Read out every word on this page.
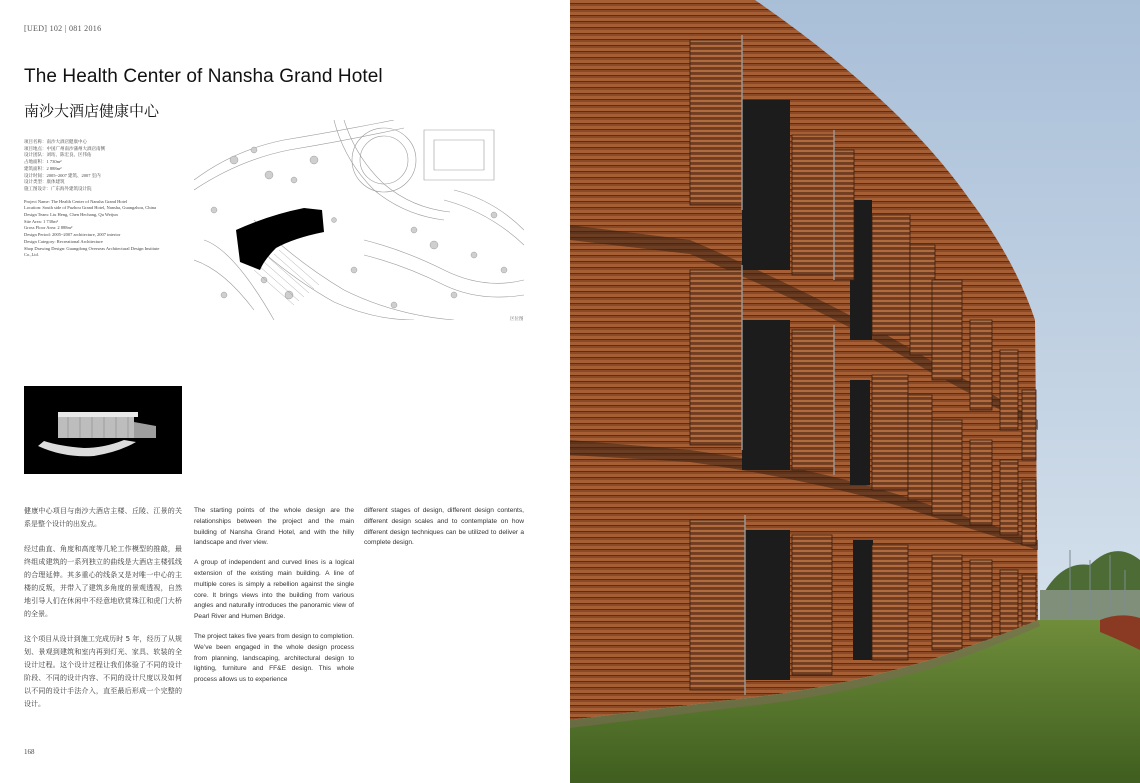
[UED] 102 | 081 2016
The Health Center of Nansha Grand Hotel
南沙大酒店健康中心
项目名称：南沙大酒店健康中心
项目地点：中国广州南沙蒲州大酒店南侧
设计团队：刘珩、陈宏良、区伟佑
占地面积：1 730m²
建筑面积：2 888m²
设计时间：2005~2007 建筑、2007 室内
设计类型：康体建筑
施工图设计：广东海外建筑设计院
Project Name: The Health Center of Nansha Grand Hotel
Location: South side of Puzhou Grand Hotel, Nansha, Guangzhou, China
Design Team: Liu Heng, Chen Hechang, Qu Weijun
Site Area: 1 730m²
Gross Floor Area: 2 888m²
Design Period: 2005~2007 architecture, 2007 interior
Design Category: Recreational Architecture
Shop Drawing Design: Guangdong Overseas Architectural Design Institute
Co.,Ltd.
区位图

健康中心项目与南沙大酒店主楼、丘陵、江景的关系是整个设计的出发点。

经过曲直、角度和高度等几轮工作模型的推敲，最终组成建筑的一系列独立的曲线是大酒店主楼弧线的合理延伸。其多重心的线条又是对唯一中心的主楼的反叛，并带入了建筑多角度的景观透视，自然地引导人们在休闲中不经意地欣赏珠江和虎门大桥的全景。

这个项目从设计到施工完成历时 5 年，经历了从规划、景观到建筑和室内再到灯光、家具、软装的全设计过程。这个设计过程让我们体验了不同的设计阶段、不同的设计内容、不同的设计尺度以及如何以不同的设计手法介入，直至最后形成一个完整的设计。

The starting points of the whole design are the relationships between the project and the main building of Nansha Grand Hotel, and with the hilly landscape and river view.

A group of independent and curved lines is a logical extension of the existing main building. A line of multiple cores is simply a rebellion against the single core. It brings views into the building from various angles and naturally introduces the panoramic view of Pearl River and Humen Bridge.

The project takes five years from design to completion. We’ve been engaged in the whole design process from planning, landscaping, architectural design to lighting, furniture and FF&E design. This whole process allows us to experience

different stages of design, different design contents, different design scales and to contemplate on how different design techniques can be utilized to deliver a complete design.

168
